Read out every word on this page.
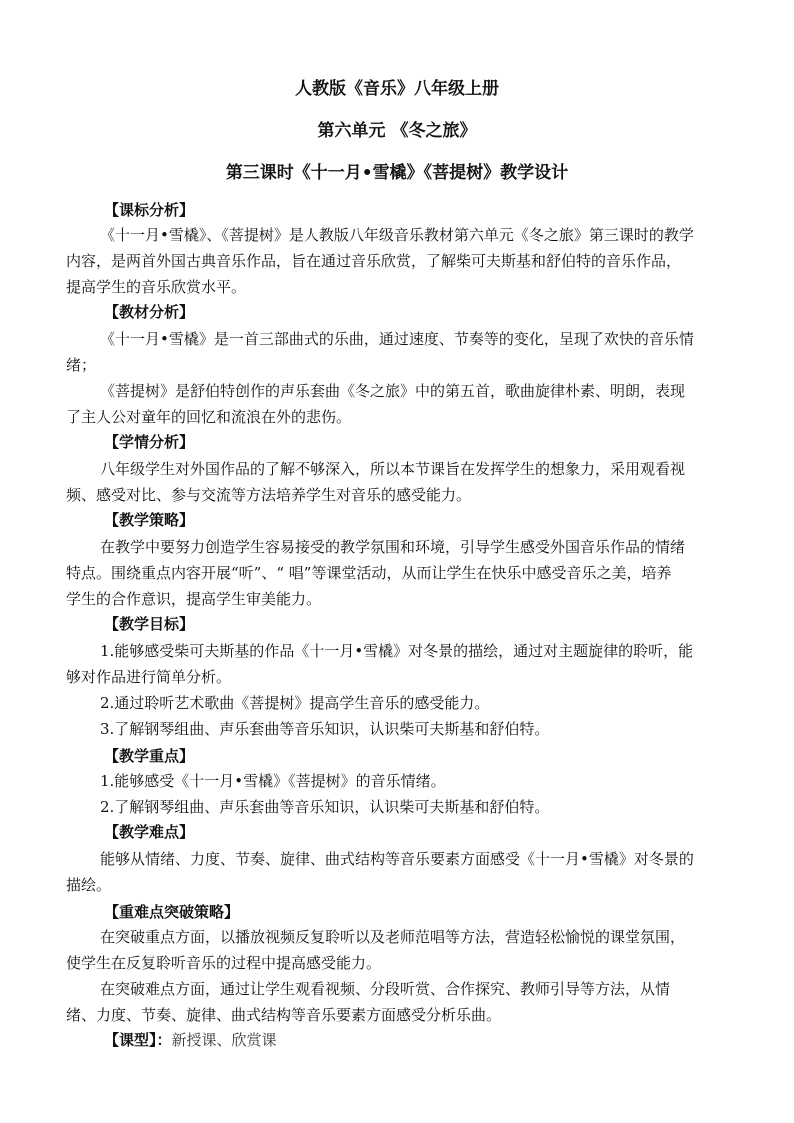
人教版《音乐》八年级上册
第六单元 《冬之旅》
第三课时《十一月•雪橇》《菩提树》教学设计
【课标分析】
《十一月•雪橇》、《菩提树》是人教版八年级音乐教材第六单元《冬之旅》第三课时的教学
内容，是两首外国古典音乐作品，旨在通过音乐欣赏，了解柴可夫斯基和舒伯特的音乐作品，
提高学生的音乐欣赏水平。
【教材分析】
《十一月•雪橇》是一首三部曲式的乐曲，通过速度、节奏等的变化，呈现了欢快的音乐情
绪；
《菩提树》是舒伯特创作的声乐套曲《冬之旅》中的第五首，歌曲旋律朴素、明朗，表现
了主人公对童年的回忆和流浪在外的悲伤。
【学情分析】
八年级学生对外国作品的了解不够深入，所以本节课旨在发挥学生的想象力，采用观看视
频、感受对比、参与交流等方法培养学生对音乐的感受能力。
【教学策略】
在教学中要努力创造学生容易接受的教学氛围和环境，引导学生感受外国音乐作品的情绪
特点。围绕重点内容开展“听”、“ 唱”等课堂活动，从而让学生在快乐中感受音乐之美，培养
学生的合作意识，提高学生审美能力。
【教学目标】
1.能够感受柴可夫斯基的作品《十一月•雪橇》对冬景的描绘，通过对主题旋律的聆听，能
够对作品进行简单分析。
2.通过聆听艺术歌曲《菩提树》提高学生音乐的感受能力。
3.了解钢琴组曲、声乐套曲等音乐知识，认识柴可夫斯基和舒伯特。
【教学重点】
1.能够感受《十一月•雪橇》《菩提树》的音乐情绪。
2.了解钢琴组曲、声乐套曲等音乐知识，认识柴可夫斯基和舒伯特。
【教学难点】
能够从情绪、力度、节奏、旋律、曲式结构等音乐要素方面感受《十一月•雪橇》对冬景的
描绘。
【重难点突破策略】
在突破重点方面，以播放视频反复聆听以及老师范唱等方法，营造轻松愉悦的课堂氛围，
使学生在反复聆听音乐的过程中提高感受能力。
在突破难点方面，通过让学生观看视频、分段听赏、合作探究、教师引导等方法，从情
绪、力度、节奏、旋律、曲式结构等音乐要素方面感受分析乐曲。
【课型】：新授课、欣赏课
